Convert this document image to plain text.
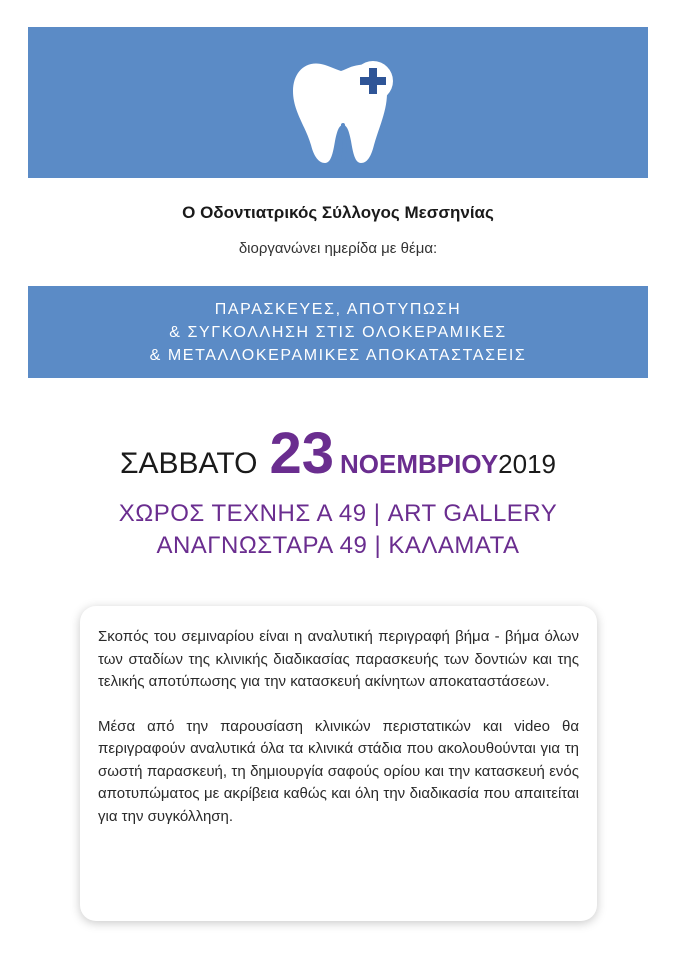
Ο Οδοντιατρικός Σύλλογος Μεσσηνίας
διοργανώνει ημερίδα με θέμα:
ΠΑΡΑΣΚΕΥΕΣ, ΑΠΟΤΥΠΩΣΗ
& ΣΥΓΚΟΛΛΗΣΗ ΣΤΙΣ ΟΛΟΚΕΡΑΜΙΚΕΣ
& ΜΕΤΑΛΛΟΚΕΡΑΜΙΚΕΣ ΑΠΟΚΑΤΑΣΤΑΣΕΙΣ
ΣΑΒΒΑΤΟ 23 ΝΟΕΜΒΡΙΟΥ 2019
ΧΩΡΟΣ ΤΕΧΝΗΣ Α 49 | ART GALLERY
ΑΝΑΓΝΩΣΤΑΡΑ 49 | ΚΑΛΑΜΑΤΑ

Σκοπός του σεμιναρίου είναι η αναλυτική περιγραφή βήμα - βήμα όλων των σταδίων της κλινικής διαδικασίας παρασκευής των δοντιών και της τελικής αποτύπωσης για την κατασκευή ακίνητων αποκαταστάσεων.

Μέσα από την παρουσίαση κλινικών περιστατικών και video θα περιγραφούν αναλυτικά όλα τα κλινικά στάδια που ακολουθούνται για τη σωστή παρασκευή, τη δημιουργία σαφούς ορίου και την κατασκευή ενός αποτυπώματος με ακρίβεια καθώς και όλη την διαδικασία που απαιτείται για την συγκόλληση.
